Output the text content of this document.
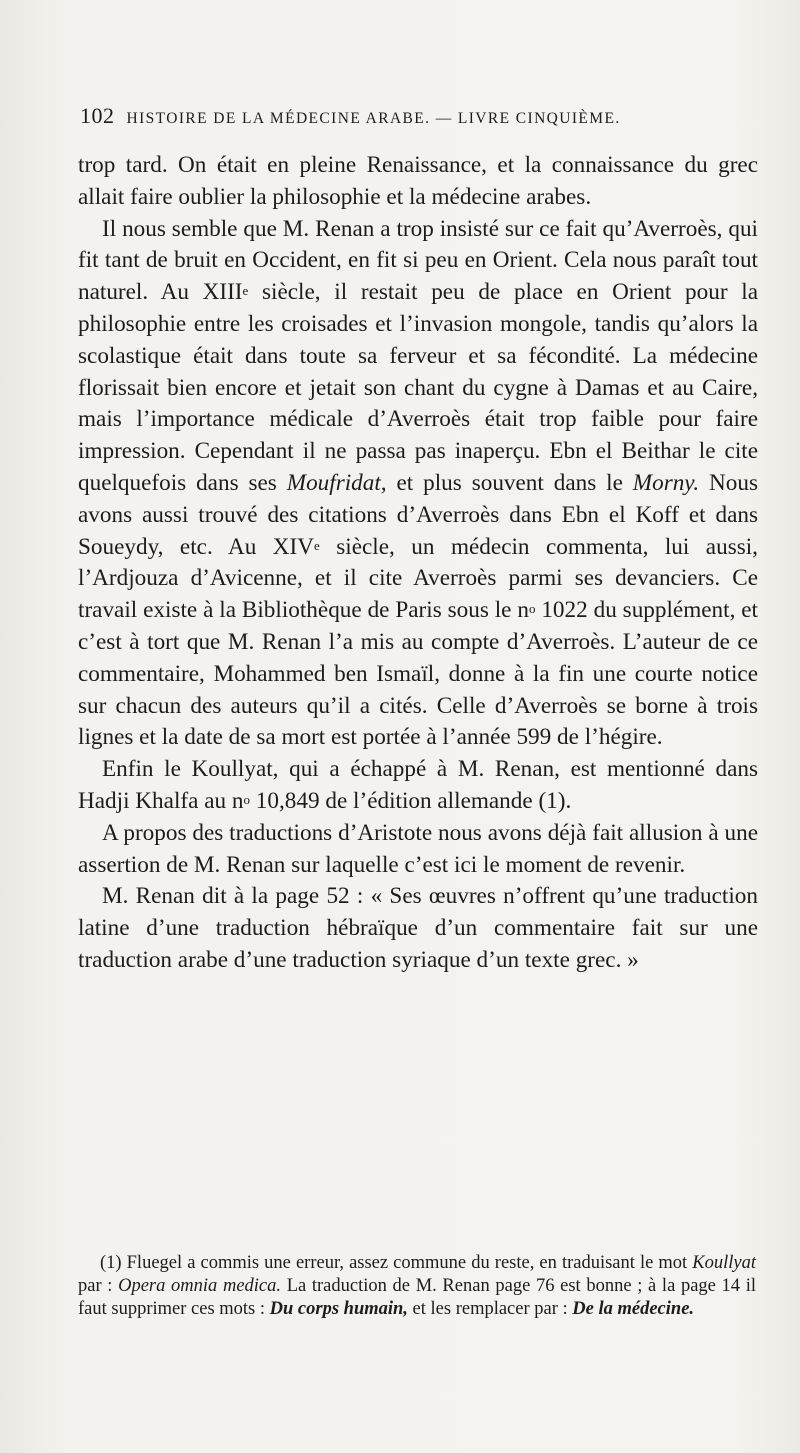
102 HISTOIRE DE LA MÉDECINE ARABE. — LIVRE CINQUIÈME.

trop tard. On était en pleine Renaissance, et la connaissance du grec allait faire oublier la philosophie et la médecine arabes.

Il nous semble que M. Renan a trop insisté sur ce fait qu’Averroès, qui fit tant de bruit en Occident, en fit si peu en Orient. Cela nous paraît tout naturel. Au XIIIe siècle, il restait peu de place en Orient pour la philosophie entre les croisades et l’invasion mongole, tandis qu’alors la scolastique était dans toute sa ferveur et sa fécondité. La médecine florissait bien encore et jetait son chant du cygne à Damas et au Caire, mais l’importance médicale d’Averroès était trop faible pour faire impression. Cependant il ne passa pas inaperçu. Ebn el Beithar le cite quelquefois dans ses Moufridat, et plus souvent dans le Morny. Nous avons aussi trouvé des citations d’Averroès dans Ebn el Koff et dans Soueydy, etc. Au XIVe siècle, un médecin commenta, lui aussi, l’Ardjouza d’Avicenne, et il cite Averroès parmi ses devanciers. Ce travail existe à la Bibliothèque de Paris sous le $n^o$ 1022 du supplément, et c’est à tort que M. Renan l’a mis au compte d’Averroès. L’auteur de ce commentaire, Mohammed ben Ismaïl, donne à la fin une courte notice sur chacun des auteurs qu’il a cités. Celle d’Averroès se borne à trois lignes et la date de sa mort est portée à l’année 599 de l’hégire.

Enfin le Koullyat, qui a échappé à M. Renan, est mentionné dans Hadji Khalfa au $n^o$ 10,849 de l’édition allemande (1).

A propos des traductions d’Aristote nous avons déjà fait allusion à une assertion de M. Renan sur laquelle c’est ici le moment de revenir.

M. Renan dit à la page 52 : « Ses œuvres n’offrent qu’une traduction latine d’une traduction hébraïque d’un commentaire fait sur une traduction arabe d’une traduction syriaque d’un texte grec. »

(1) Fluegel a commis une erreur, assez commune du reste, en traduisant le mot Koullyat par : Opera omnia medica. La traduction de M. Renan page 76 est bonne ; à la page 14 il faut supprimer ces mots : Du corps humain, et les remplacer par : De la médecine.
